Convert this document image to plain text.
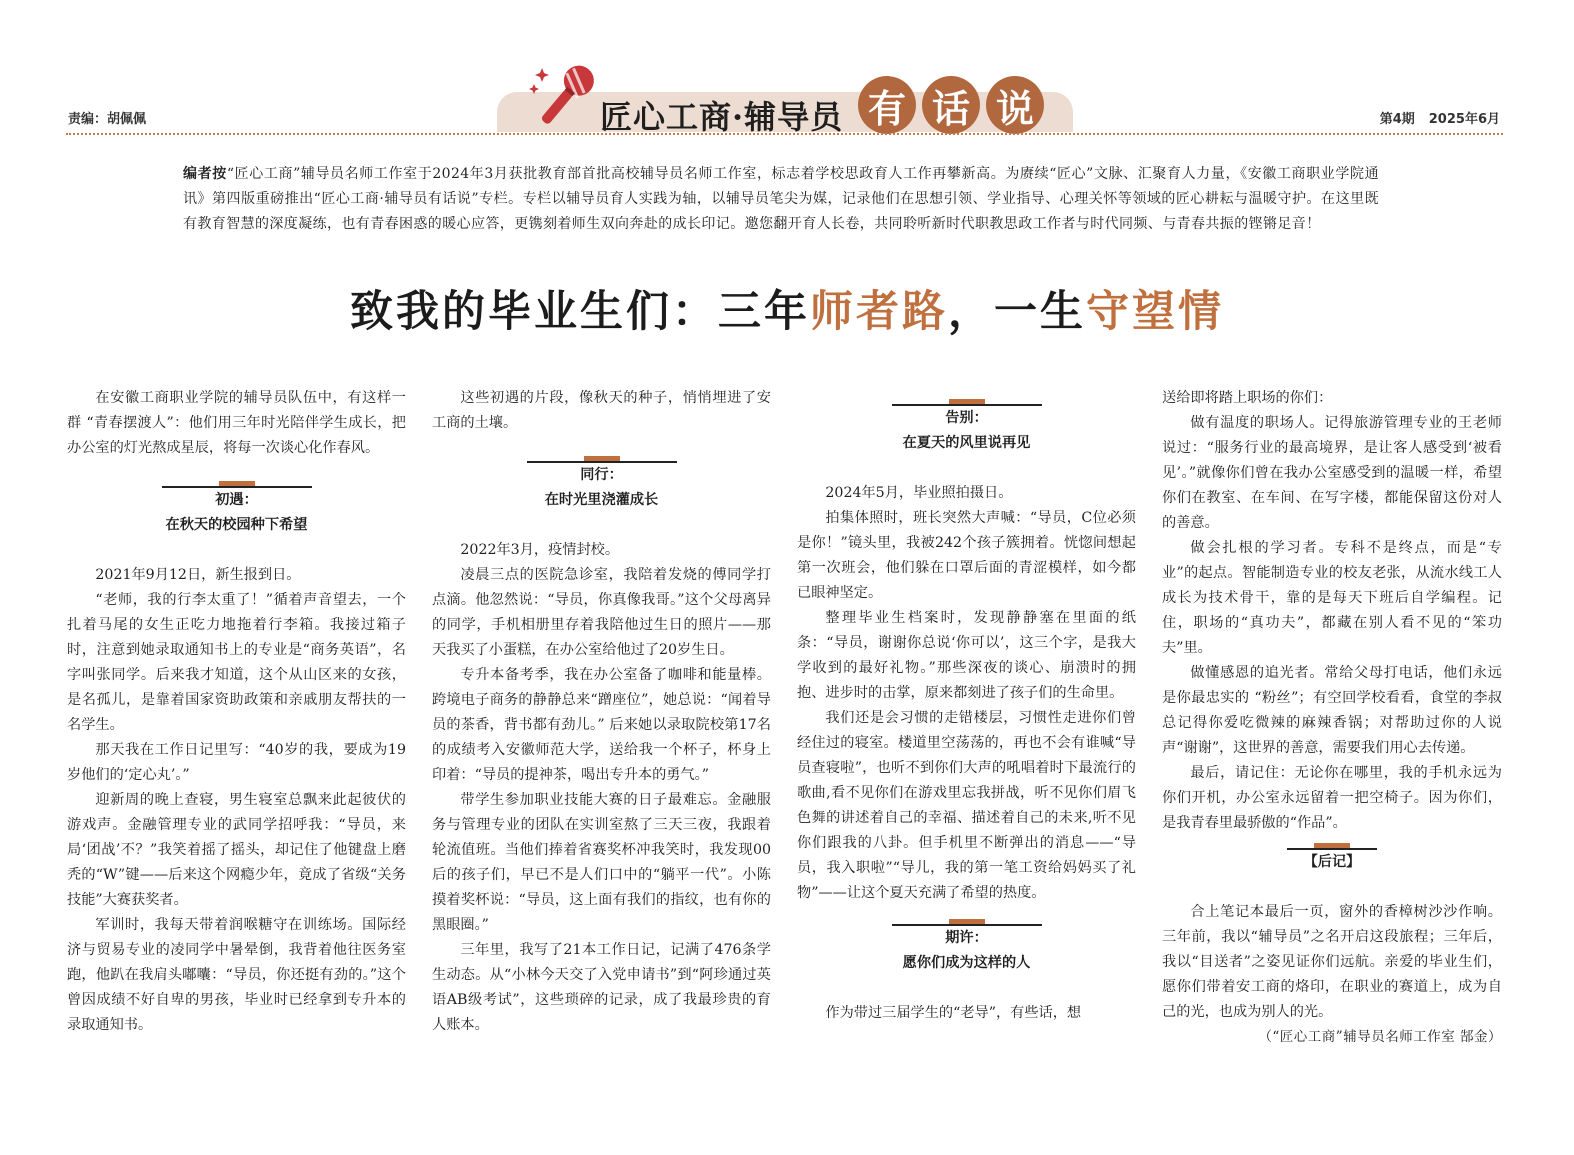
责编：胡佩佩	第4期 2025年6月
匠心工商·辅导员 有 话 说
编者按“匠心工商”辅导员名师工作室于2024年3月获批教育部首批高校辅导员名师工作室，标志着学校思政育人工作再攀新高。为赓续“匠心”文脉、汇聚育人力量，《安徽工商职业学院通讯》第四版重磅推出“匠心工商·辅导员有话说”专栏。专栏以辅导员育人实践为轴，以辅导员笔尖为媒，记录他们在思想引领、学业指导、心理关怀等领域的匠心耕耘与温暖守护。在这里既有教育智慧的深度凝练，也有青春困惑的暖心应答，更镌刻着师生双向奔赴的成长印记。邀您翻开育人长卷，共同聆听新时代职教思政工作者与时代同频、与青春共振的铿锵足音！
致我的毕业生们：三年师者路，一生守望情

在安徽工商职业学院的辅导员队伍中，有这样一群 “青春摆渡人”：他们用三年时光陪伴学生成长，把办公室的灯光熬成星辰，将每一次谈心化作春风。

初遇：
在秋天的校园种下希望

2021年9月12日，新生报到日。

“老师，我的行李太重了！”循着声音望去，一个扎着马尾的女生正吃力地拖着行李箱。我接过箱子时，注意到她录取通知书上的专业是“商务英语”，名字叫张同学。后来我才知道，这个从山区来的女孩，是名孤儿，是靠着国家资助政策和亲戚朋友帮扶的一名学生。

那天我在工作日记里写：“40岁的我，要成为19岁他们的‘定心丸’。”

迎新周的晚上查寝，男生寝室总飘来此起彼伏的游戏声。金融管理专业的武同学招呼我：“导员，来局‘团战’不？”我笑着摇了摇头，却记住了他键盘上磨秃的“W”键——后来这个网瘾少年，竟成了省级“关务技能”大赛获奖者。

军训时，我每天带着润喉糖守在训练场。国际经济与贸易专业的凌同学中暑晕倒，我背着他往医务室跑，他趴在我肩头嘟囔：“导员，你还挺有劲的。”这个曾因成绩不好自卑的男孩，毕业时已经拿到专升本的录取通知书。

这些初遇的片段，像秋天的种子，悄悄埋进了安工商的土壤。

同行：
在时光里浇灌成长

2022年3月，疫情封校。

凌晨三点的医院急诊室，我陪着发烧的傅同学打点滴。他忽然说：“导员，你真像我哥。”这个父母离异的同学，手机相册里存着我陪他过生日的照片——那天我买了小蛋糕，在办公室给他过了20岁生日。

专升本备考季，我在办公室备了咖啡和能量棒。跨境电子商务的静静总来“蹭座位”，她总说：“闻着导员的茶香，背书都有劲儿。” 后来她以录取院校第17名的成绩考入安徽师范大学，送给我一个杯子，杯身上印着：“导员的提神茶，喝出专升本的勇气。”

带学生参加职业技能大赛的日子最难忘。金融服务与管理专业的团队在实训室熬了三天三夜，我跟着轮流值班。当他们捧着省赛奖杯冲我笑时，我发现00后的孩子们，早已不是人们口中的“躺平一代”。小陈摸着奖杯说：“导员，这上面有我们的指纹，也有你的黑眼圈。”

三年里，我写了21本工作日记，记满了476条学生动态。从“小林今天交了入党申请书”到“阿珍通过英语AB级考试”，这些琐碎的记录，成了我最珍贵的育人账本。

告别：
在夏天的风里说再见

2024年5月，毕业照拍摄日。

拍集体照时，班长突然大声喊：“导员，C位必须是你！”镜头里，我被242个孩子簇拥着。恍惚间想起第一次班会，他们躲在口罩后面的青涩模样，如今都已眼神坚定。

整理毕业生档案时，发现静静塞在里面的纸条：“导员，谢谢你总说‘你可以’，这三个字，是我大学收到的最好礼物。”那些深夜的谈心、崩溃时的拥抱、进步时的击掌，原来都刻进了孩子们的生命里。

我们还是会习惯的走错楼层，习惯性走进你们曾经住过的寝室。楼道里空荡荡的，再也不会有谁喊“导员查寝啦”，也听不到你们大声的吼唱着时下最流行的歌曲,看不见你们在游戏里忘我拼战，听不见你们眉飞色舞的讲述着自己的幸福、描述着自己的未来,听不见你们跟我的八卦。但手机里不断弹出的消息——“导员，我入职啦”“导儿，我的第一笔工资给妈妈买了礼物”——让这个夏天充满了希望的热度。

期许：
愿你们成为这样的人

作为带过三届学生的“老导”，有些话，想

送给即将踏上职场的你们：

做有温度的职场人。记得旅游管理专业的王老师说过：“服务行业的最高境界，是让客人感受到‘被看见’。”就像你们曾在我办公室感受到的温暖一样，希望你们在教室、在车间、在写字楼，都能保留这份对人的善意。

做会扎根的学习者。专科不是终点，而是“专业”的起点。智能制造专业的校友老张，从流水线工人成长为技术骨干，靠的是每天下班后自学编程。记住，职场的“真功夫”，都藏在别人看不见的“笨功夫”里。

做懂感恩的追光者。常给父母打电话，他们永远是你最忠实的 “粉丝”；有空回学校看看，食堂的李叔总记得你爱吃微辣的麻辣香锅；对帮助过你的人说声“谢谢”，这世界的善意，需要我们用心去传递。

最后，请记住：无论你在哪里，我的手机永远为你们开机，办公室永远留着一把空椅子。因为你们，是我青春里最骄傲的“作品”。

【后记】

合上笔记本最后一页，窗外的香樟树沙沙作响。三年前，我以“辅导员”之名开启这段旅程；三年后，我以“目送者”之姿见证你们远航。亲爱的毕业生们，愿你们带着安工商的烙印，在职业的赛道上，成为自己的光，也成为别人的光。

（“匠心工商”辅导员名师工作室 郜金）
